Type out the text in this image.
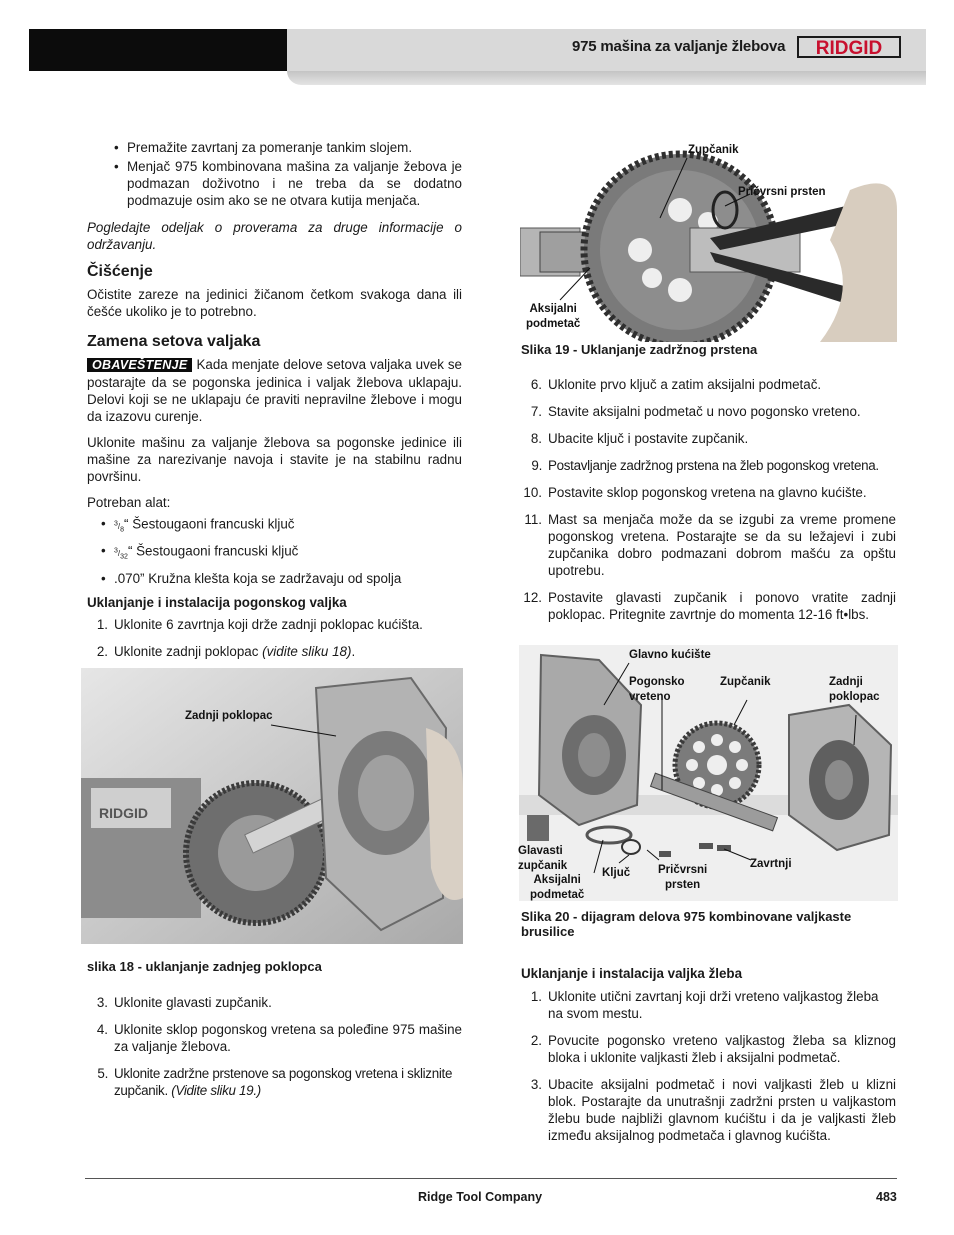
975 mašina za valjanje žlebova RIDGID
• Premažite zavrtanj za pomeranje tankim slojem.
• Menjač 975 kombinovana mašina za valjanje žebova je podmazan doživotno i ne treba da se dodatno podmazuje osim ako se ne otvara kutija menjača.

Pogledajte odeljak o proverama za druge informacije o održavanju.

Čišćenje

Očistite zareze na jedinici žičanom četkom svakoga dana ili češće ukoliko je to potrebno.

Zamena setova valjaka

OBAVEŠTENJE Kada menjate delove setova valjaka uvek se postarajte da se pogonska jedinica i valjak žlebova uklapaju. Delovi koji se ne uklapaju će praviti nepravilne žlebove i mogu da izazovu curenje.

Uklonite mašinu za valjanje žlebova sa pogonske jedinice ili mašine za narezivanje navoja i stavite je na stabilnu radnu površinu.

Potreban alat:

• $^3/_8“$ Šestougaoni francuski ključ
• $^3/_{32}“$ Šestougaoni francuski ključ
• .070” Kružna klešta koja se zadržavaju od spolja
Uklanjanje i instalacija pogonskog valjka
1. Uklonite 6 zavrtnja koji drže zadnji poklopac kućišta.
2. Uklonite zadnji poklopac (vidite sliku 18).
RIDGID
Zadnji poklopac
slika 18 - uklanjanje zadnjeg poklopca
3. Uklonite glavasti zupčanik.
4. Uklonite sklop pogonskog vretena sa poleđine 975 mašine za valjanje žlebova.
5. Uklonite zadržne prstenove sa pogonskog vretena i skliznite zupčanik. (Vidite sliku 19.)
Zupčanik
Pričvrsni prsten
Aksijalni
podmetač
Slika 19 - Uklanjanje zadržnog prstena
6. Uklonite prvo ključ a zatim aksijalni podmetač.
7. Stavite aksijalni podmetač u novo pogonsko vreteno.
8. Ubacite ključ i postavite zupčanik.
9. Postavljanje zadržnog prstena na žleb pogonskog vretena.
10. Postavite sklop pogonskog vretena na glavno kućište.
11. Mast sa menjača može da se izgubi za vreme promene pogonskog vretena. Postarajte se da su ležajevi i zubi zupčanika dobro podmazani dobrom mašću za opštu upotrebu.
12. Postavite glavasti zupčanik i ponovo vratite zadnji poklopac. Pritegnite zavrtnje do momenta 12-16 ft•lbs.
Glavno kućište
Pogonsko
vreteno
Zupčanik	Zadnji
poklopac
Glavasti
zupčanik
Aksijalni
podmetač
Ključ Pričvrsni
prsten
Zavrtnji
Slika 20 - dijagram delova 975 kombinovane valjkaste brusilice
Uklanjanje i instalacija valjka žleba
1. Uklonite utični zavrtanj koji drži vreteno valjkastog žleba na svom mestu.
2. Povucite pogonsko vreteno valjkastog žleba sa kliznog bloka i uklonite valjkasti žleb i aksijalni podmetač.
3. Ubacite aksijalni podmetač i novi valjkasti žleb u klizni blok. Postarajte da unutrašnji zadržni prsten u valjkastom žlebu bude najbliži glavnom kućištu i da je valjkasti žleb između aksijalnog podmetača i glavnog kućišta.
Ridge Tool Company	483
